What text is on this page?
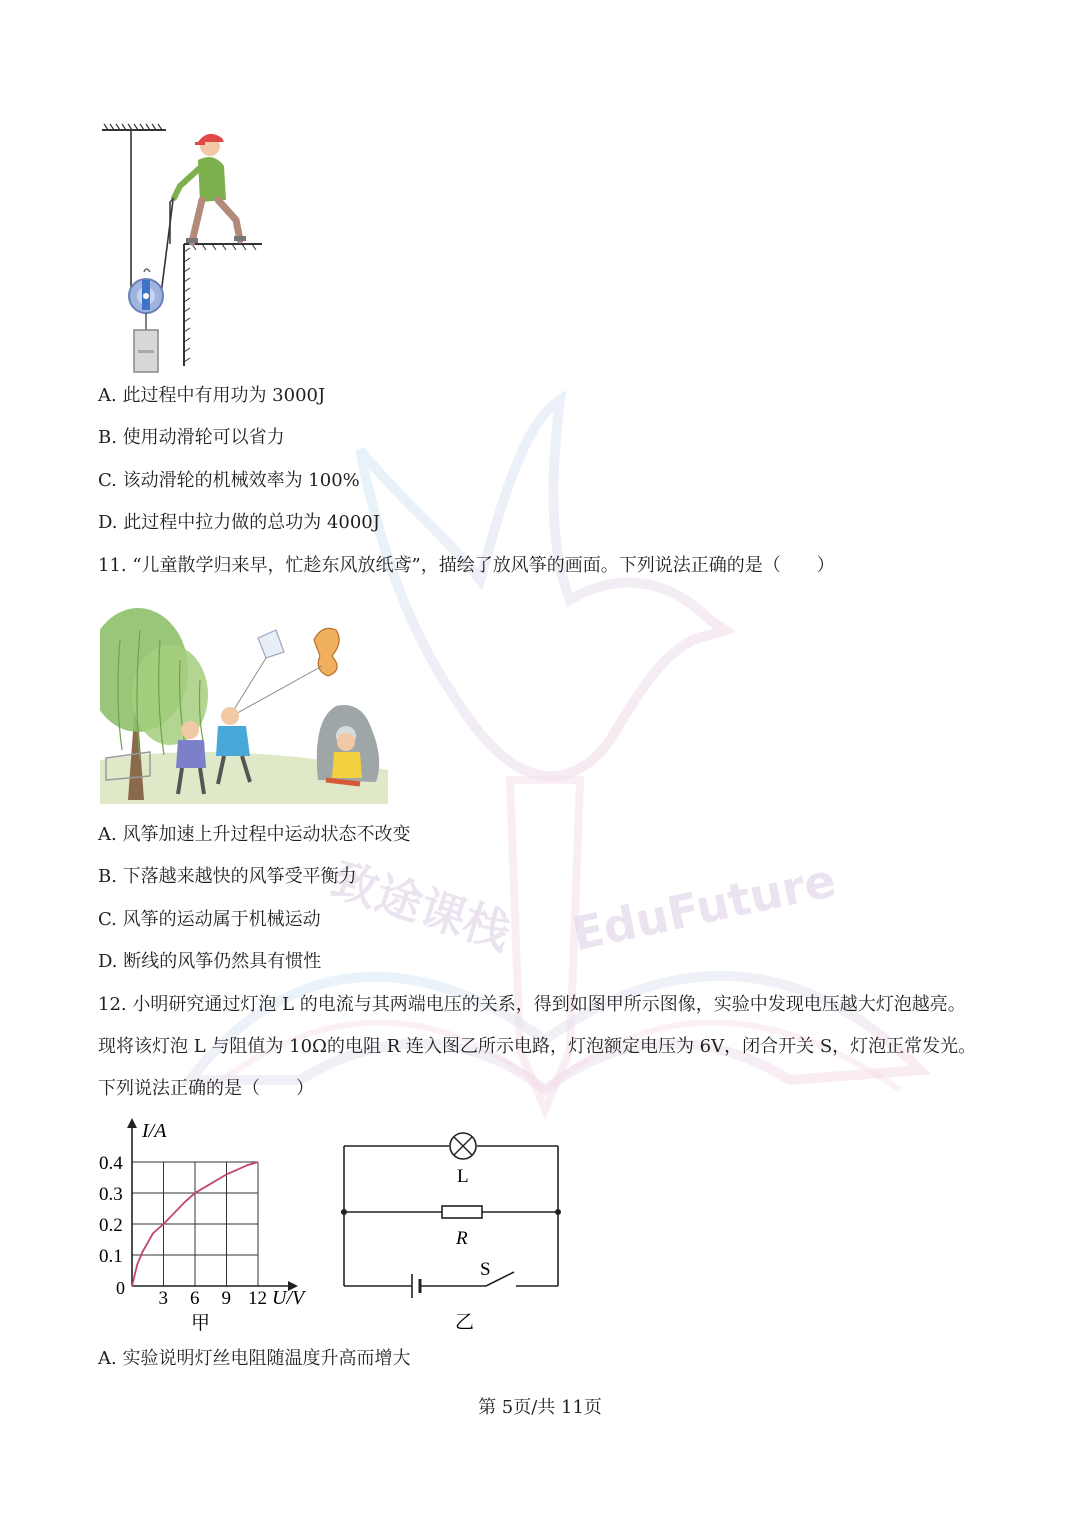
致途课栈 EduFuture
A. 此过程中有用功为 3000J
B. 使用动滑轮可以省力
C. 该动滑轮的机械效率为 100%
D. 此过程中拉力做的总功为 4000J
11. “儿童散学归来早，忙趁东风放纸鸢”，描绘了放风筝的画面。下列说法正确的是（　　）
A. 风筝加速上升过程中运动状态不改变
B. 下落越来越快的风筝受平衡力
C. 风筝的运动属于机械运动
D. 断线的风筝仍然具有惯性
12. 小明研究通过灯泡 L 的电流与其两端电压的关系，得到如图甲所示图像，实验中发现电压越大灯泡越亮。
现将该灯泡 L 与阻值为 10Ω的电阻 R 连入图乙所示电路，灯泡额定电压为 6V，闭合开关 S，灯泡正常发光。
下列说法正确的是（　　）
3 6 9 12
0.1
0.2
0.3
0.4
I/A
U/V
0
甲
L
R
S
乙
A. 实验说明灯丝电阻随温度升高而增大
第 5页/共 11页
